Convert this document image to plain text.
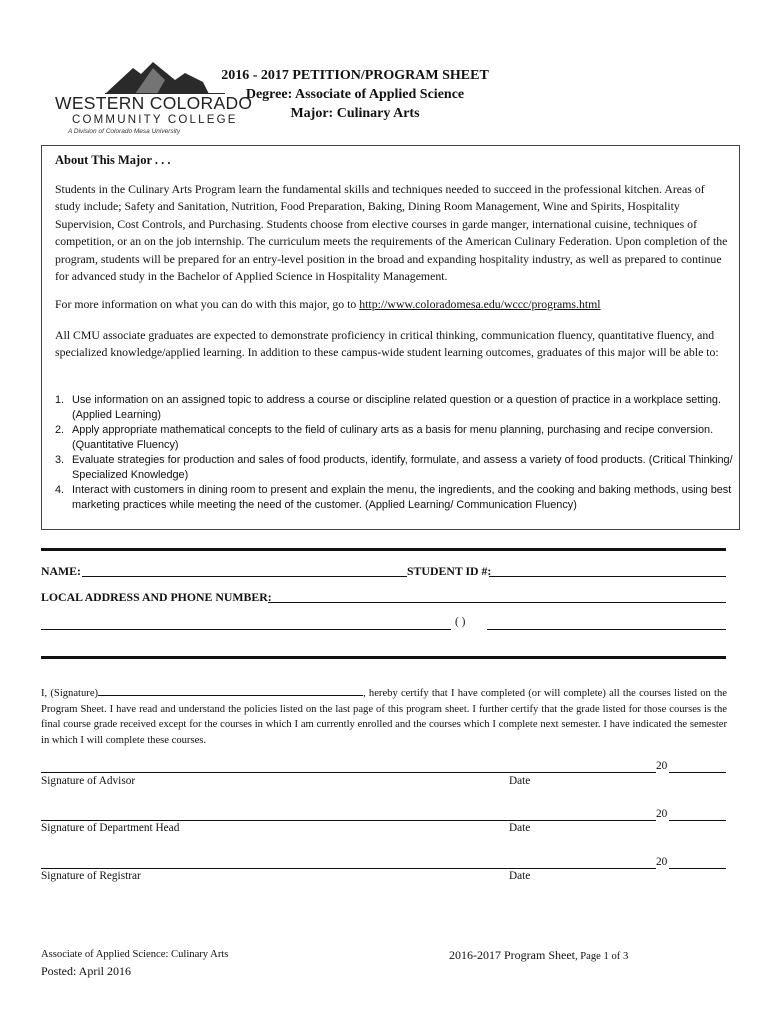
WESTERN COLORADO
COMMUNITY COLLEGE
A Division of Colorado Mesa University
2016 - 2017 PETITION/PROGRAM SHEET
Degree: Associate of Applied Science
Major: Culinary Arts
About This Major . . .

Students in the Culinary Arts Program learn the fundamental skills and techniques needed to succeed in the professional kitchen. Areas of study include; Safety and Sanitation, Nutrition, Food Preparation, Baking, Dining Room Management, Wine and Spirits, Hospitality Supervision, Cost Controls, and Purchasing. Students choose from elective courses in garde manger, international cuisine, techniques of competition, or an on the job internship. The curriculum meets the requirements of the American Culinary Federation. Upon completion of the program, students will be prepared for an entry-level position in the broad and expanding hospitality industry, as well as prepared to continue for advanced study in the Bachelor of Applied Science in Hospitality Management.

For more information on what you can do with this major, go to http://www.coloradomesa.edu/wccc/programs.html

All CMU associate graduates are expected to demonstrate proficiency in critical thinking, communication fluency, quantitative fluency, and specialized knowledge/applied learning. In addition to these campus-wide student learning outcomes, graduates of this major will be able to:

1. Use information on an assigned topic to address a course or discipline related question or a question of practice in a workplace setting. (Applied Learning)
2. Apply appropriate mathematical concepts to the field of culinary arts as a basis for menu planning, purchasing and recipe conversion. (Quantitative Fluency)
3. Evaluate strategies for production and sales of food products, identify, formulate, and assess a variety of food products. (Critical Thinking/ Specialized Knowledge)
4. Interact with customers in dining room to present and explain the menu, the ingredients, and the cooking and baking methods, using best marketing practices while meeting the need of the customer. (Applied Learning/ Communication Fluency)
NAME:	STUDENT ID #:
LOCAL ADDRESS AND PHONE NUMBER:
( )
I, (Signature)	, hereby certify that I have completed (or will complete) all the courses listed on the Program Sheet. I have read and understand the policies listed on the last page of this program sheet. I further certify that the grade listed for those courses is the final course grade received except for the courses in which I am currently enrolled and the courses which I complete next semester. I have indicated the semester in which I will complete these courses.
20
Signature of Advisor	Date
20
Signature of Department Head	Date
20
Signature of Registrar	Date
Associate of Applied Science: Culinary Arts
Posted: April 2016
2016-2017 Program Sheet, Page 1 of 3
